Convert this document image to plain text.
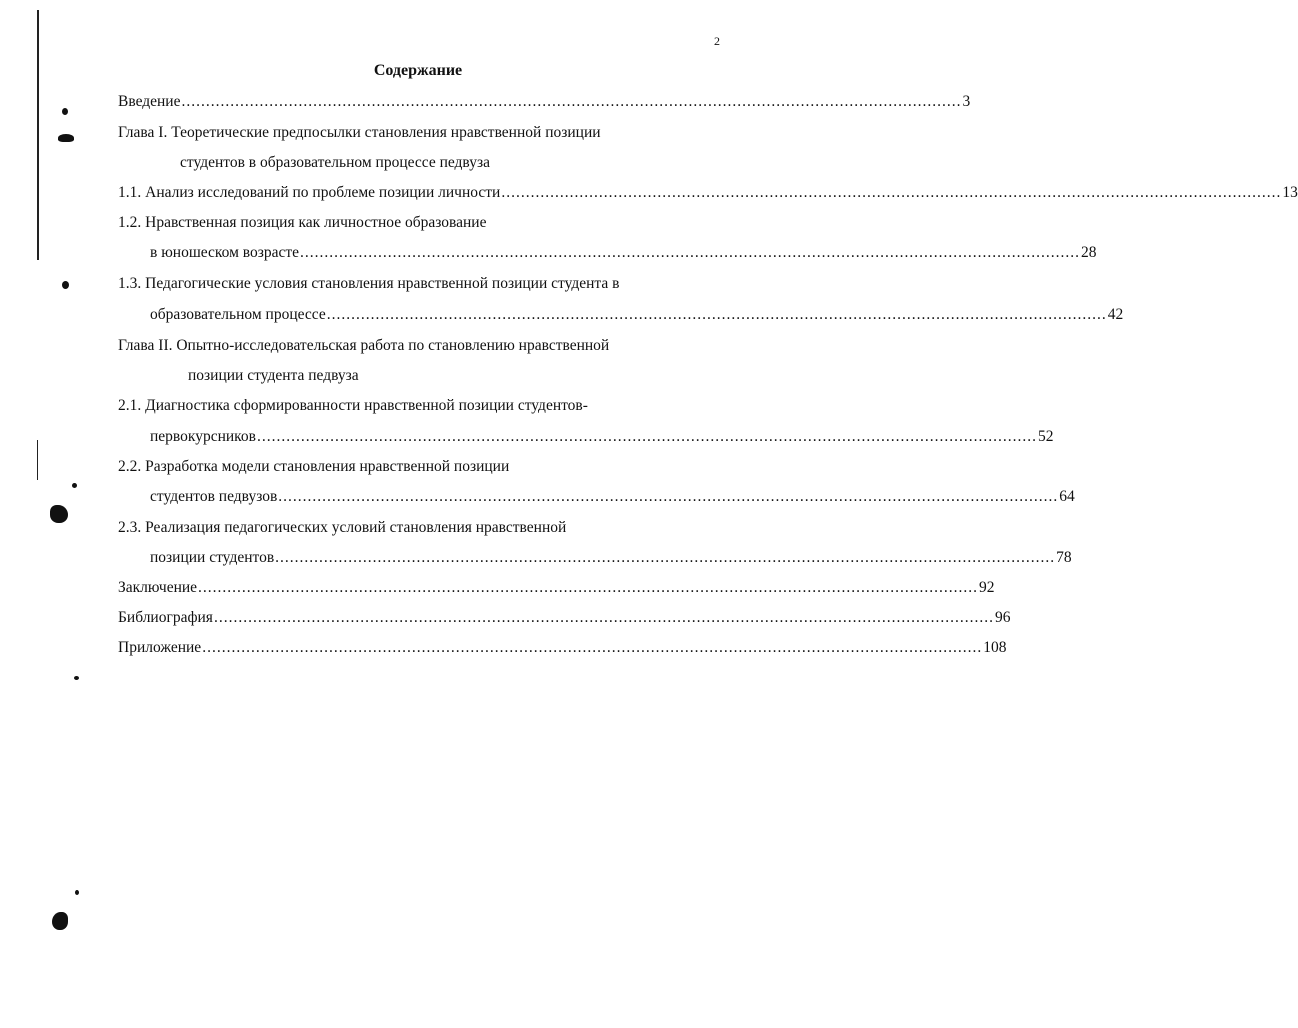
2
Содержание
Введение ................................................................................................................................................................ 3
Глава I. Теоретические предпосылки становления нравственной позиции
студентов в образовательном процессе педвуза
1.1. Анализ исследований по проблеме позиции личности ................................................................................................................................................................ 13
1.2. Нравственная позиция как личностное образование
в юношеском возрасте ................................................................................................................................................................ 28
1.3. Педагогические условия становления нравственной позиции студента в
образовательном процессе ................................................................................................................................................................ 42
Глава II. Опытно-исследовательская работа по становлению нравственной
позиции студента педвуза
2.1. Диагностика сформированности нравственной позиции студентов-
первокурсников ................................................................................................................................................................ 52
2.2. Разработка модели становления нравственной позиции
студентов педвузов ................................................................................................................................................................ 64
2.3. Реализация педагогических условий становления нравственной
позиции студентов ................................................................................................................................................................ 78
Заключение ................................................................................................................................................................ 92
Библиография ................................................................................................................................................................ 96
Приложение ................................................................................................................................................................ 108
